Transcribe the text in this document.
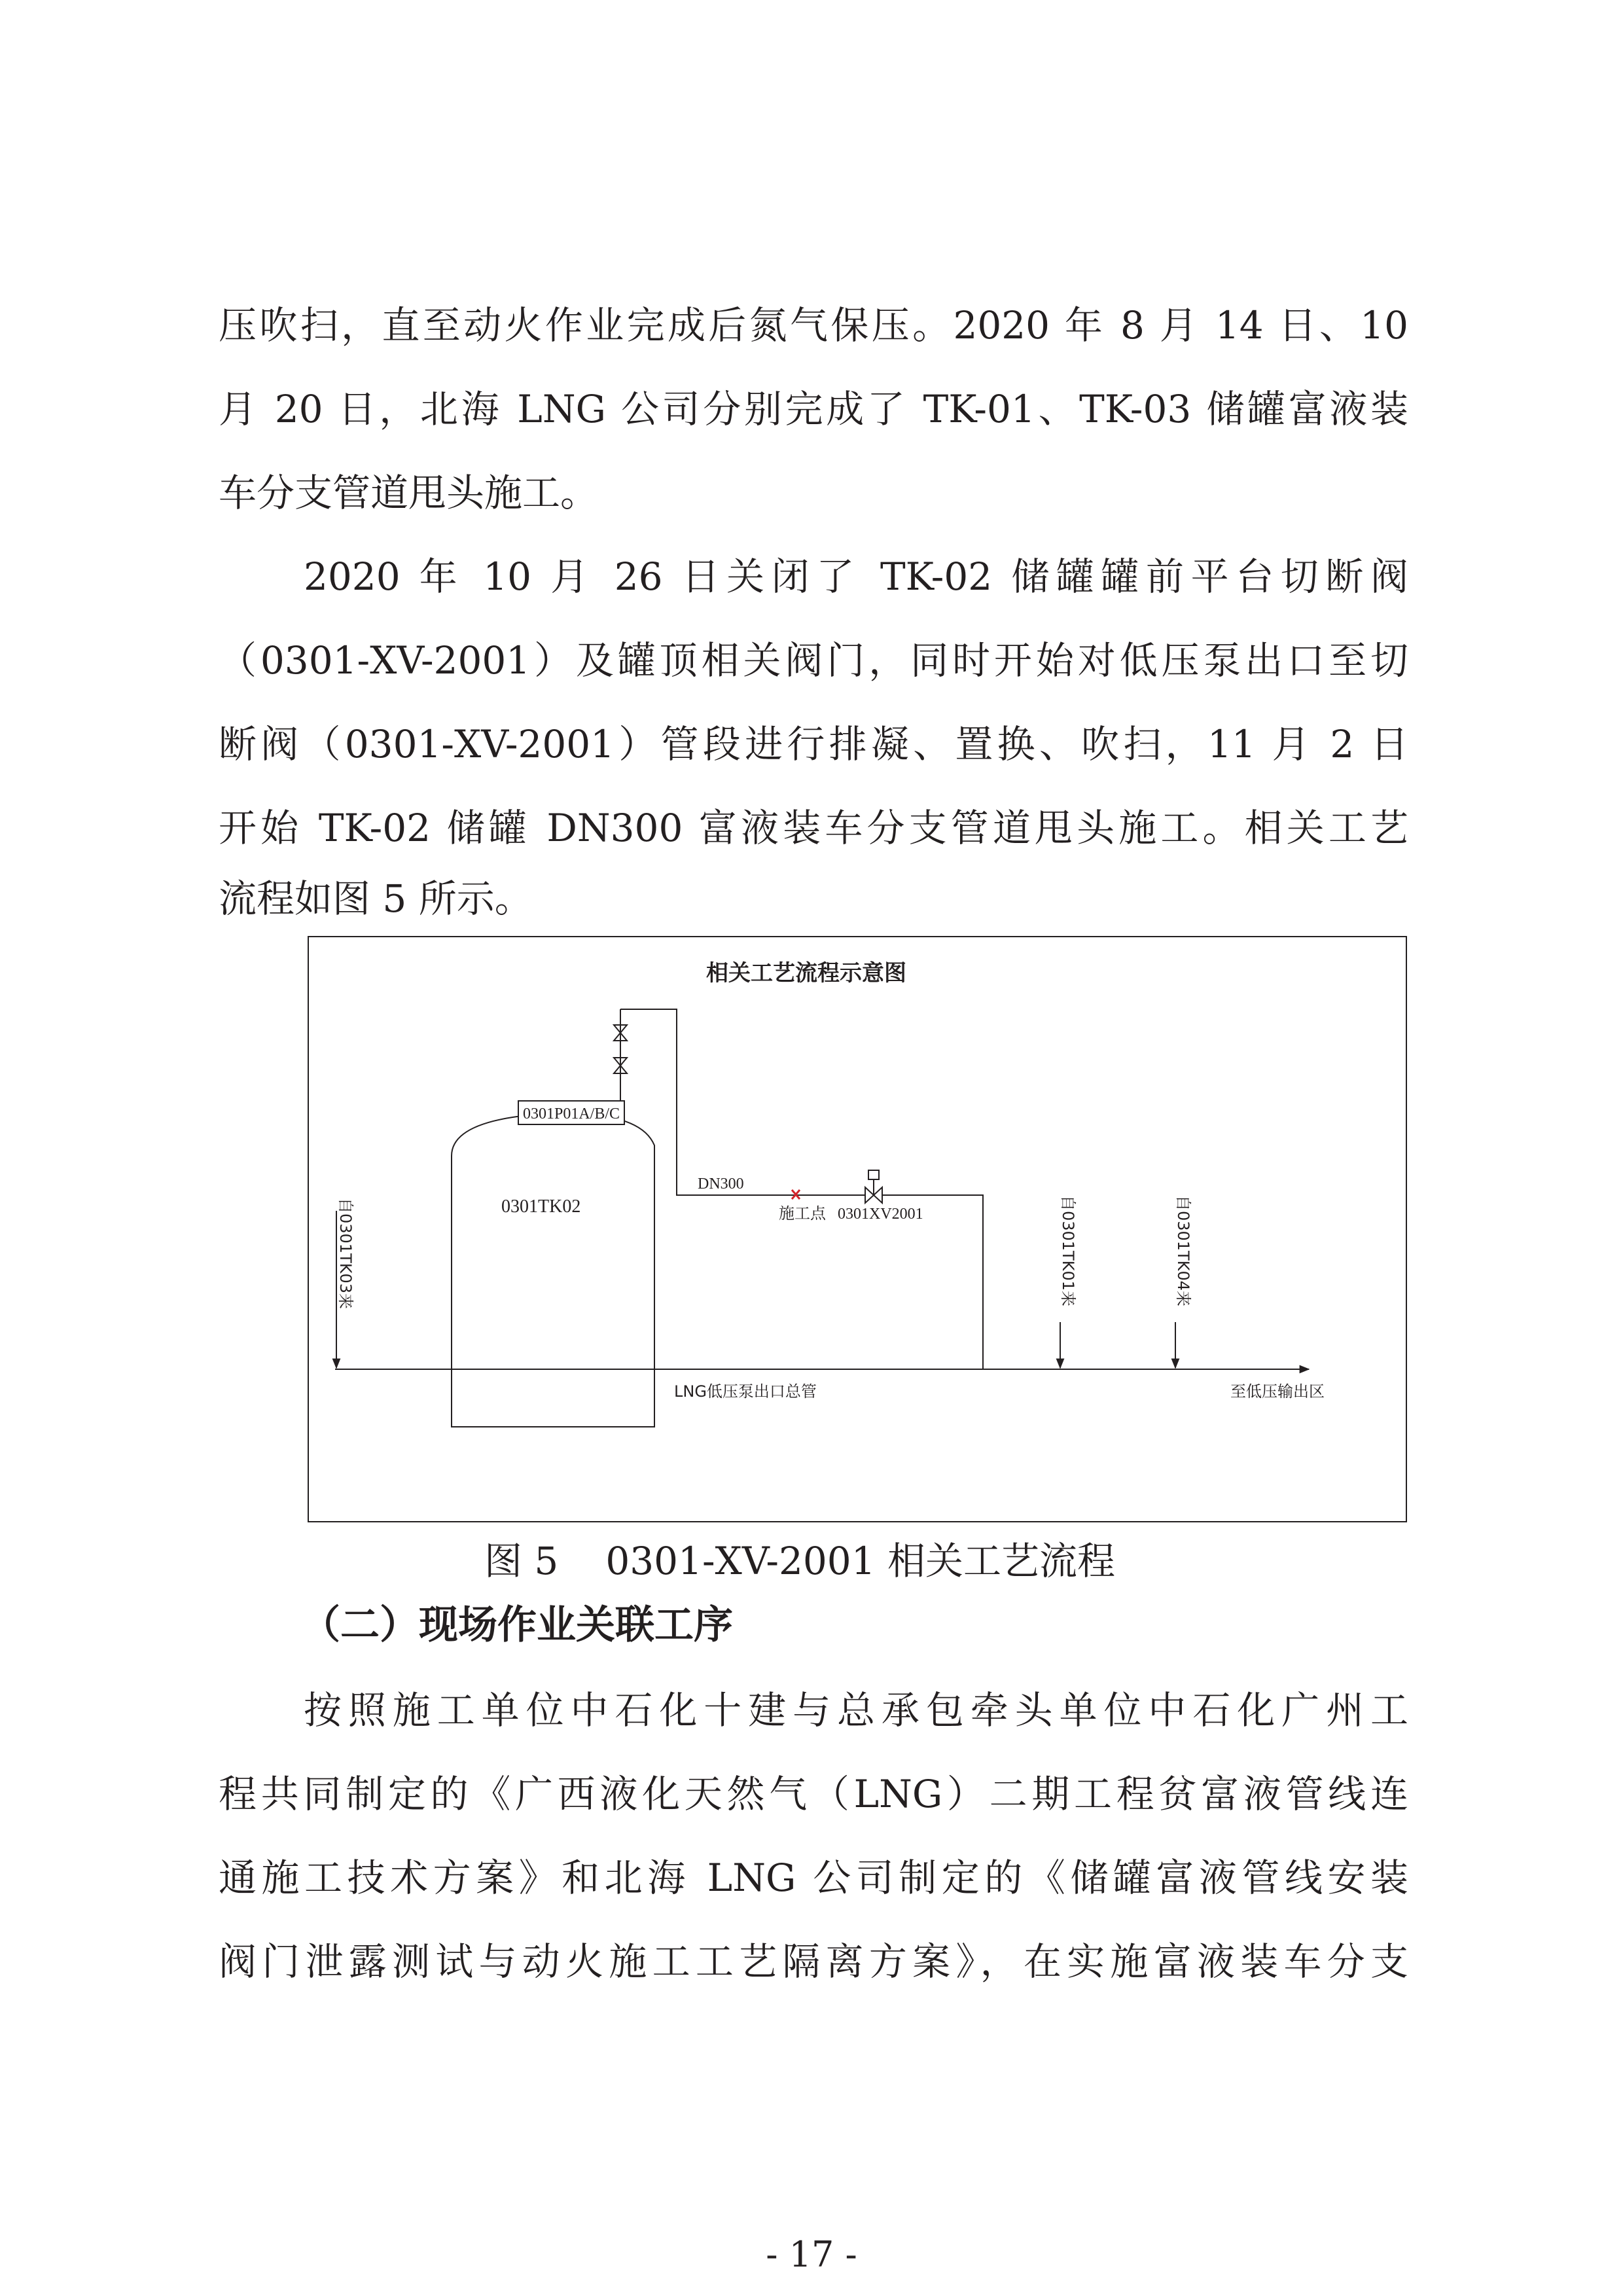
压吹扫，直至动火作业完成后氮气保压。2020 年 8 月 14 日、10
月 20 日，北海 LNG 公司分别完成了 TK-01、TK-03 储罐富液装
车分支管道甩头施工。
2020 年 10 月 26 日关闭了 TK-02 储罐罐前平台切断阀
（0301-XV-2001）及罐顶相关阀门，同时开始对低压泵出口至切
断阀（0301-XV-2001）管段进行排凝、置换、吹扫，11 月 2 日
开始 TK-02 储罐 DN300 富液装车分支管道甩头施工。相关工艺
流程如图 5 所示。
相关工艺流程示意图
0301TK02
0301P01A/B/C
DN300
施工点 0301XV2001
LNG低压泵出口总管	至低压输出区
自0301TK03来	自0301TK01来	自0301TK04来
图 5 0301-XV-2001 相关工艺流程
（二）现场作业关联工序
按照施工单位中石化十建与总承包牵头单位中石化广州工
程共同制定的《广西液化天然气（LNG）二期工程贫富液管线连
通施工技术方案》和北海 LNG 公司制定的《储罐富液管线安装
阀门泄露测试与动火施工工艺隔离方案》，在实施富液装车分支
- 17 -
